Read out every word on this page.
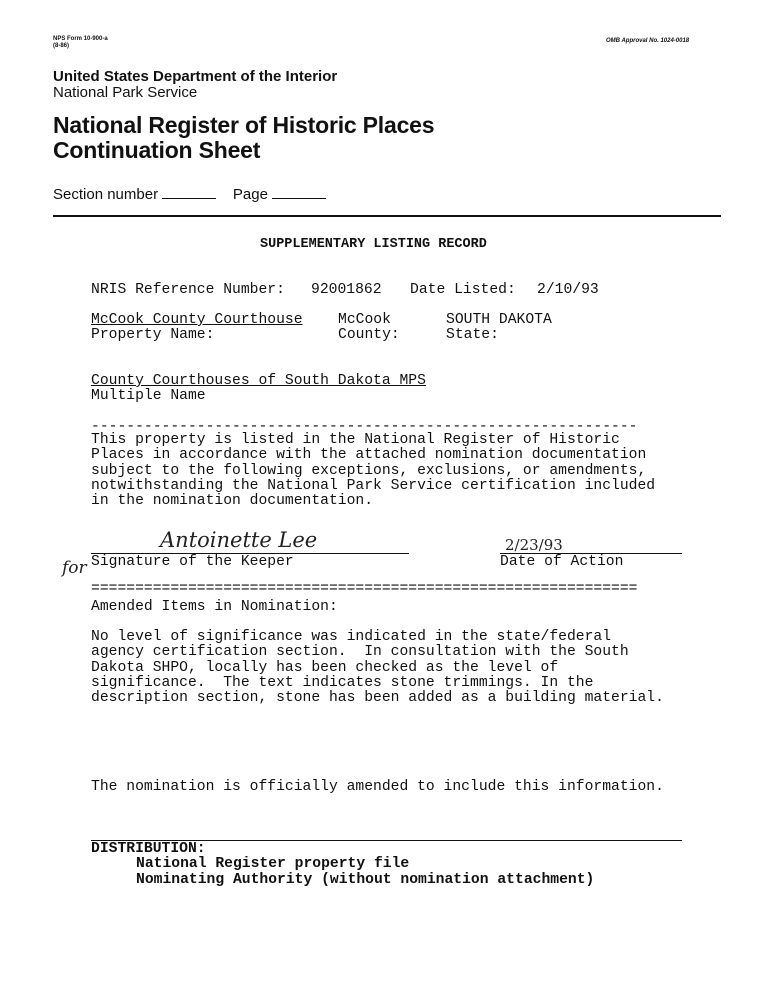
NPS Form 10-900-a
(8-86)
OMB Approval No. 1024-0018
United States Department of the Interior
National Park Service
National Register of Historic Places
Continuation Sheet
Section number	Page
SUPPLEMENTARY LISTING RECORD
NRIS Reference Number: 92001862 Date Listed: 2/10/93
McCook County Courthouse
Property Name:
McCook
County:
SOUTH DAKOTA
State:
County Courthouses of South Dakota MPS
Multiple Name
--------------------------------------------------------------
This property is listed in the National Register of Historic
Places in accordance with the attached nomination documentation
subject to the following exceptions, exclusions, or amendments,
notwithstanding the National Park Service certification included
in the nomination documentation.
Antoinette Lee
for Signature of the Keeper
2/23/93
Date of Action
==============================================================
Amended Items in Nomination:
No level of significance was indicated in the state/federal
agency certification section.  In consultation with the South
Dakota SHPO, locally has been checked as the level of
significance.  The text indicates stone trimmings. In the
description section, stone has been added as a building material.
The nomination is officially amended to include this information.
DISTRIBUTION:
National Register property file
Nominating Authority (without nomination attachment)
